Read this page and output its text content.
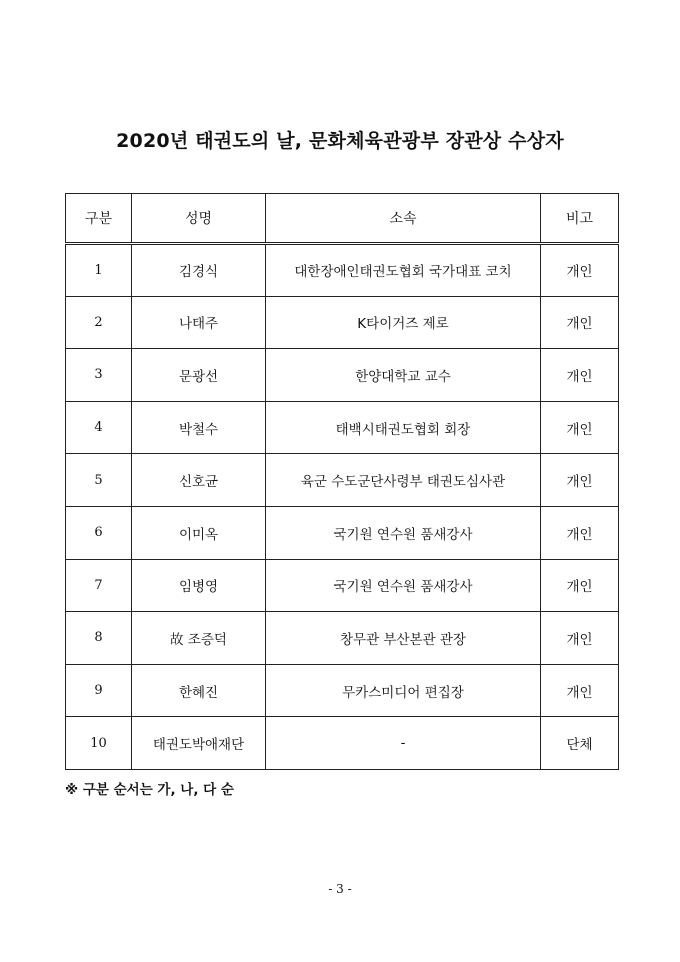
2020년 태권도의 날, 문화체육관광부 장관상 수상자
구분	성명	소속	비고
1	김경식	대한장애인태권도협회 국가대표 코치	개인
2	나태주	K타이거즈 제로	개인
3	문광선	한양대학교 교수	개인
4	박철수	태백시태권도협회 회장	개인
5	신호균	육군 수도군단사령부 태권도심사관	개인
6	이미옥	국기원 연수원 품새강사	개인
7	임병영	국기원 연수원 품새강사	개인
8	故 조증덕	창무관 부산본관 관장	개인
9	한혜진	무카스미디어 편집장	개인
10	태권도박애재단	-	단체
※ 구분 순서는 가, 나, 다 순
- 3 -
